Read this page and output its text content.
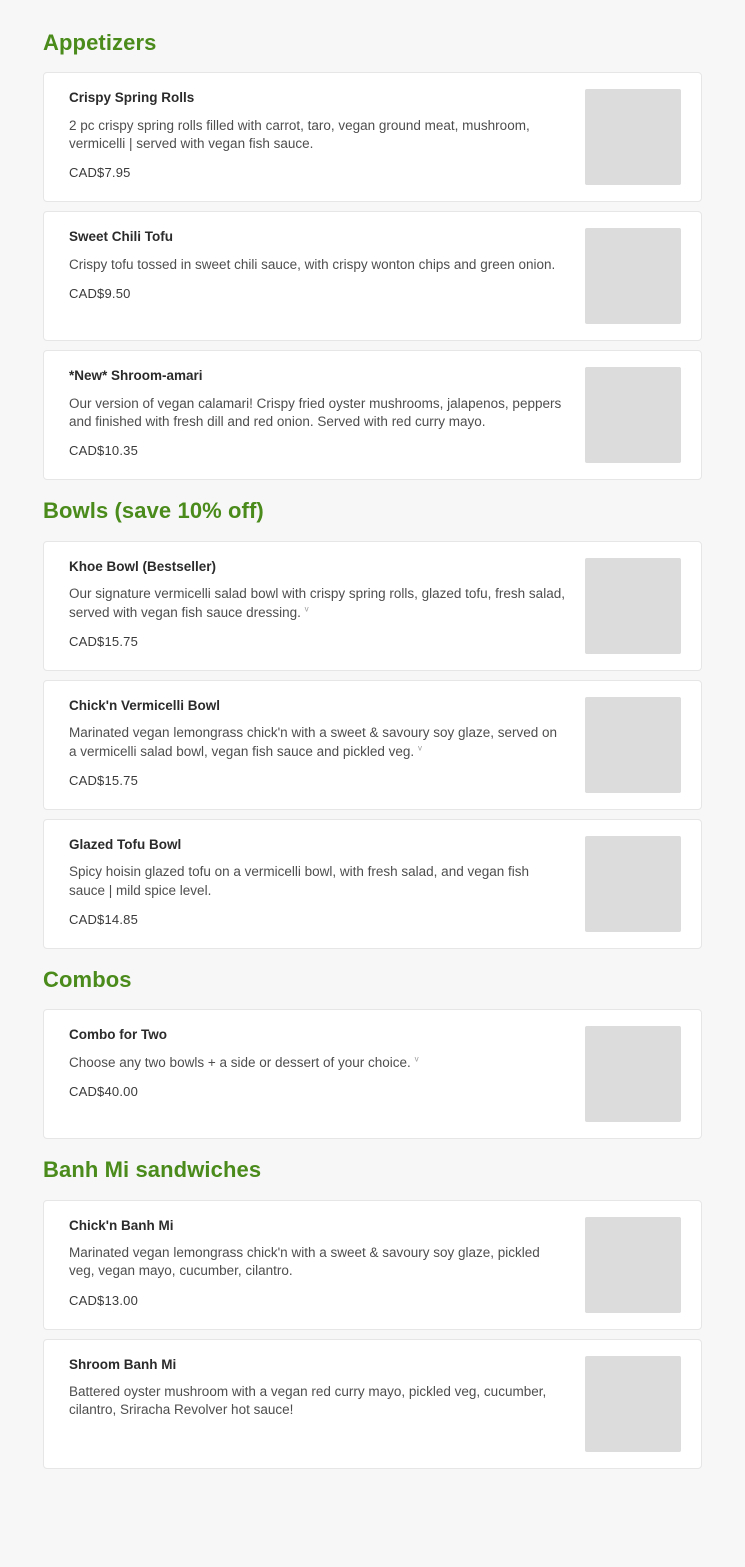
Appetizers
Crispy Spring Rolls
2 pc crispy spring rolls filled with carrot, taro, vegan ground meat, mushroom, vermicelli | served with vegan fish sauce.
CAD$7.95
Sweet Chili Tofu
Crispy tofu tossed in sweet chili sauce, with crispy wonton chips and green onion.
CAD$9.50
*New* Shroom-amari
Our version of vegan calamari! Crispy fried oyster mushrooms, jalapenos, peppers and finished with fresh dill and red onion. Served with red curry mayo.
CAD$10.35
Bowls (save 10% off)
Khoe Bowl (Bestseller)
Our signature vermicelli salad bowl with crispy spring rolls, glazed tofu, fresh salad, served with vegan fish sauce dressing. $^v$
CAD$15.75
Chick'n Vermicelli Bowl
Marinated vegan lemongrass chick'n with a sweet & savoury soy glaze, served on a vermicelli salad bowl, vegan fish sauce and pickled veg. $^v$
CAD$15.75
Glazed Tofu Bowl
Spicy hoisin glazed tofu on a vermicelli bowl, with fresh salad, and vegan fish sauce | mild spice level.
CAD$14.85
Combos
Combo for Two
Choose any two bowls + a side or dessert of your choice. $^v$
CAD$40.00
Banh Mi sandwiches
Chick'n Banh Mi
Marinated vegan lemongrass chick'n with a sweet & savoury soy glaze, pickled veg, vegan mayo, cucumber, cilantro.
CAD$13.00
Shroom Banh Mi
Battered oyster mushroom with a vegan red curry mayo, pickled veg, cucumber, cilantro, Sriracha Revolver hot sauce!
